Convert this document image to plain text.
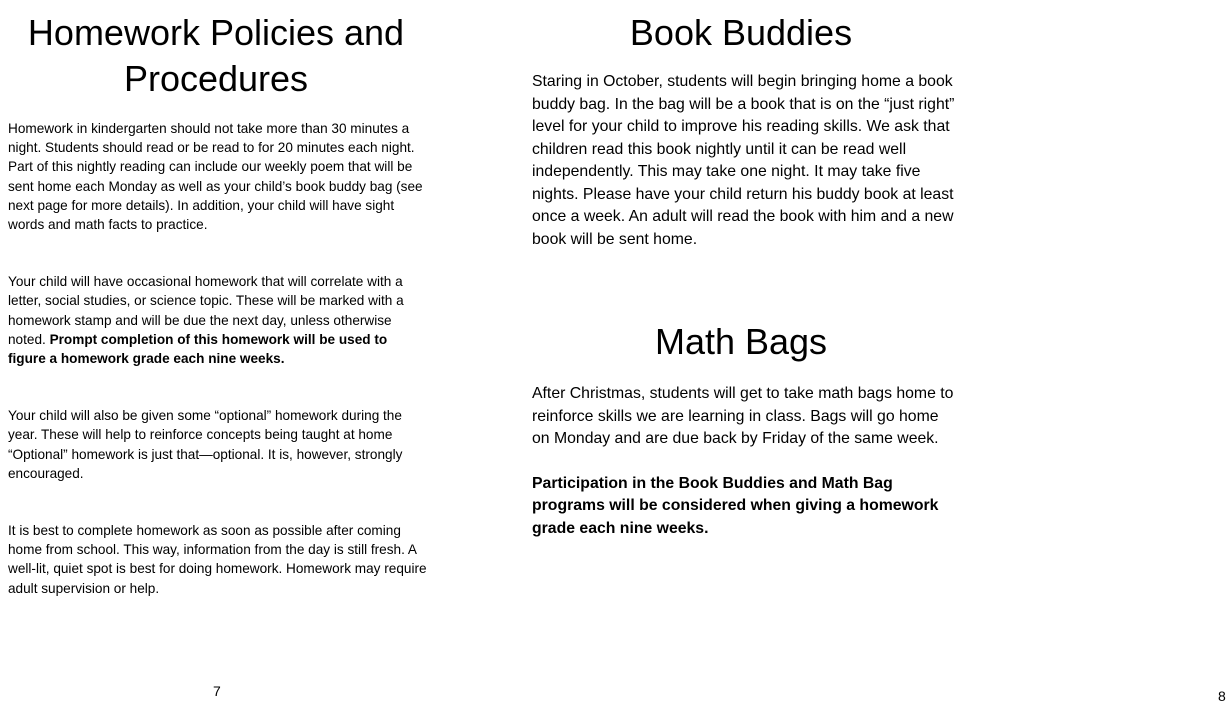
Homework Policies and Procedures

Homework in kindergarten should not take more than 30 minutes a night. Students should read or be read to for 20 minutes each night. Part of this nightly reading can include our weekly poem that will be sent home each Monday as well as your child’s book buddy bag (see next page for more details). In addition, your child will have sight words and math facts to practice.

Your child will have occasional homework that will correlate with a letter, social studies, or science topic. These will be marked with a homework stamp and will be due the next day, unless otherwise noted. Prompt completion of this homework will be used to figure a homework grade each nine weeks.

Your child will also be given some “optional” homework during the year. These will help to reinforce concepts being taught at home “Optional” homework is just that—optional. It is, however, strongly encouraged.

It is best to complete homework as soon as possible after coming home from school. This way, information from the day is still fresh. A well-lit, quiet spot is best for doing homework. Homework may require adult supervision or help.

7
Book Buddies

Staring in October, students will begin bringing home a book buddy bag. In the bag will be a book that is on the “just right” level for your child to improve his reading skills. We ask that children read this book nightly until it can be read well independently. This may take one night. It may take five nights. Please have your child return his buddy book at least once a week. An adult will read the book with him and a new book will be sent home.

Math Bags

After Christmas, students will get to take math bags home to reinforce skills we are learning in class. Bags will go home on Monday and are due back by Friday of the same week.

Participation in the Book Buddies and Math Bag programs will be considered when giving a homework grade each nine weeks.

8
